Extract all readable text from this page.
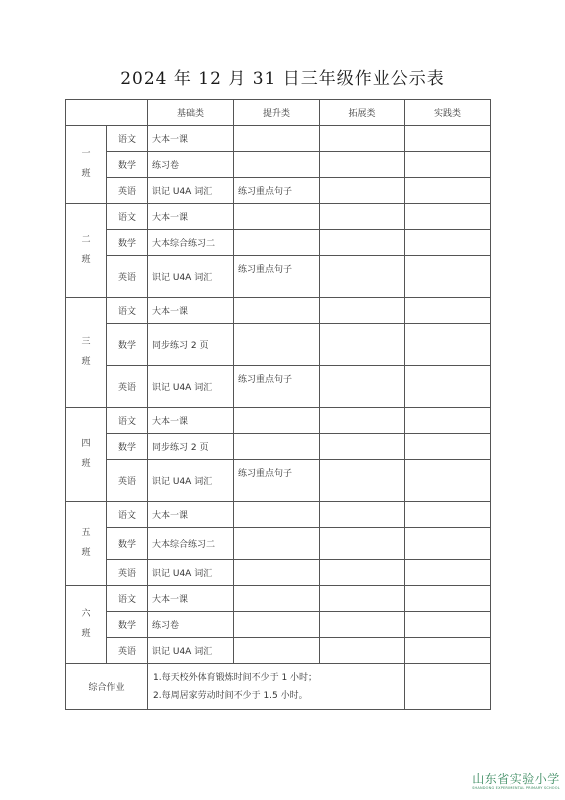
2024 年 12 月 31 日三年级作业公示表
		基础类	提升类	拓展类	实践类
一
班	语文	大本一课			
	数学	练习卷			
	英语	识记 U4A 词汇	练习重点句子		
二
班	语文	大本一课			
	数学	大本综合练习二			
	英语	识记 U4A 词汇	练习重点句子		
三
班	语文	大本一课			
	数学	同步练习 2 页			
	英语	识记 U4A 词汇	练习重点句子		
四
班	语文	大本一课			
	数学	同步练习 2 页			
	英语	识记 U4A 词汇	练习重点句子		
五
班	语文	大本一课			
	数学	大本综合练习二			
	英语	识记 U4A 词汇			
六
班	语文	大本一课			
	数学	练习卷			
	英语	识记 U4A 词汇			
综合作业		1.每天校外体育锻炼时间不少于 1 小时；
2.每周居家劳动时间不少于 1.5 小时。			

山东省实验小学
SHANDONG EXPERIMENTAL PRIMARY SCHOOL
